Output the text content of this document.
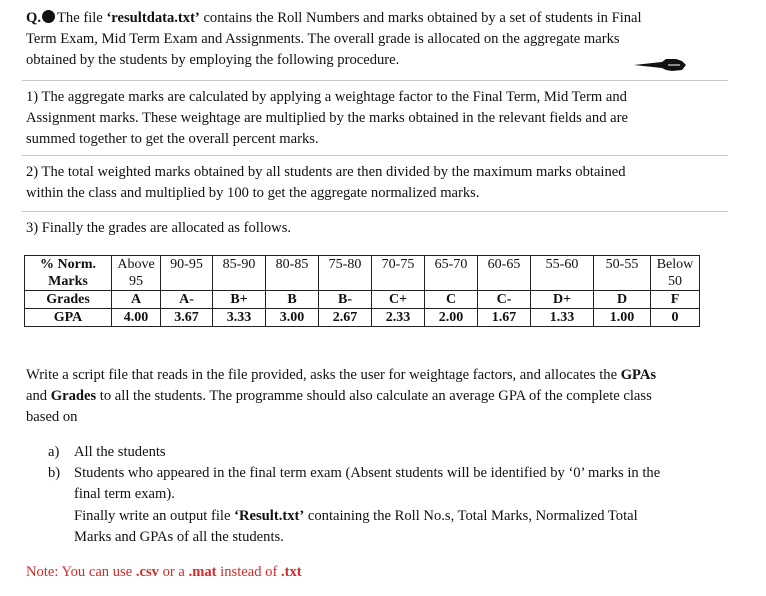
Q. The file ‘resultdata.txt’ contains the Roll Numbers and marks obtained by a set of students in Final
Term Exam, Mid Term Exam and Assignments. The overall grade is allocated on the aggregate marks
obtained by the students by employing the following procedure.
1) The aggregate marks are calculated by applying a weightage factor to the Final Term, Mid Term and
Assignment marks. These weightage are multiplied by the marks obtained in the relevant fields and are
summed together to get the overall percent marks.
2) The total weighted marks obtained by all students are then divided by the maximum marks obtained
within the class and multiplied by 100 to get the aggregate normalized marks.
3) Finally the grades are allocated as follows.
% Norm.	Above	90-95	85-90	80-85	75-80	70-75	65-70	60-65	55-60	50-55	Below
Marks	95										50
Grades	A	A-	B+	B	B-	C+	C	C-	D+	D	F
GPA	4.00	3.67	3.33	3.00	2.67	2.33	2.00	1.67	1.33	1.00	0
Write a script file that reads in the file provided, asks the user for weightage factors, and allocates the GPAs
and Grades to all the students. The programme should also calculate an average GPA of the complete class
based on
a) All the students
b) Students who appeared in the final term exam (Absent students will be identified by ‘0’ marks in the
final term exam).
Finally write an output file ‘Result.txt’ containing the Roll No.s, Total Marks, Normalized Total
Marks and GPAs of all the students.
Note: You can use .csv or a .mat instead of .txt
